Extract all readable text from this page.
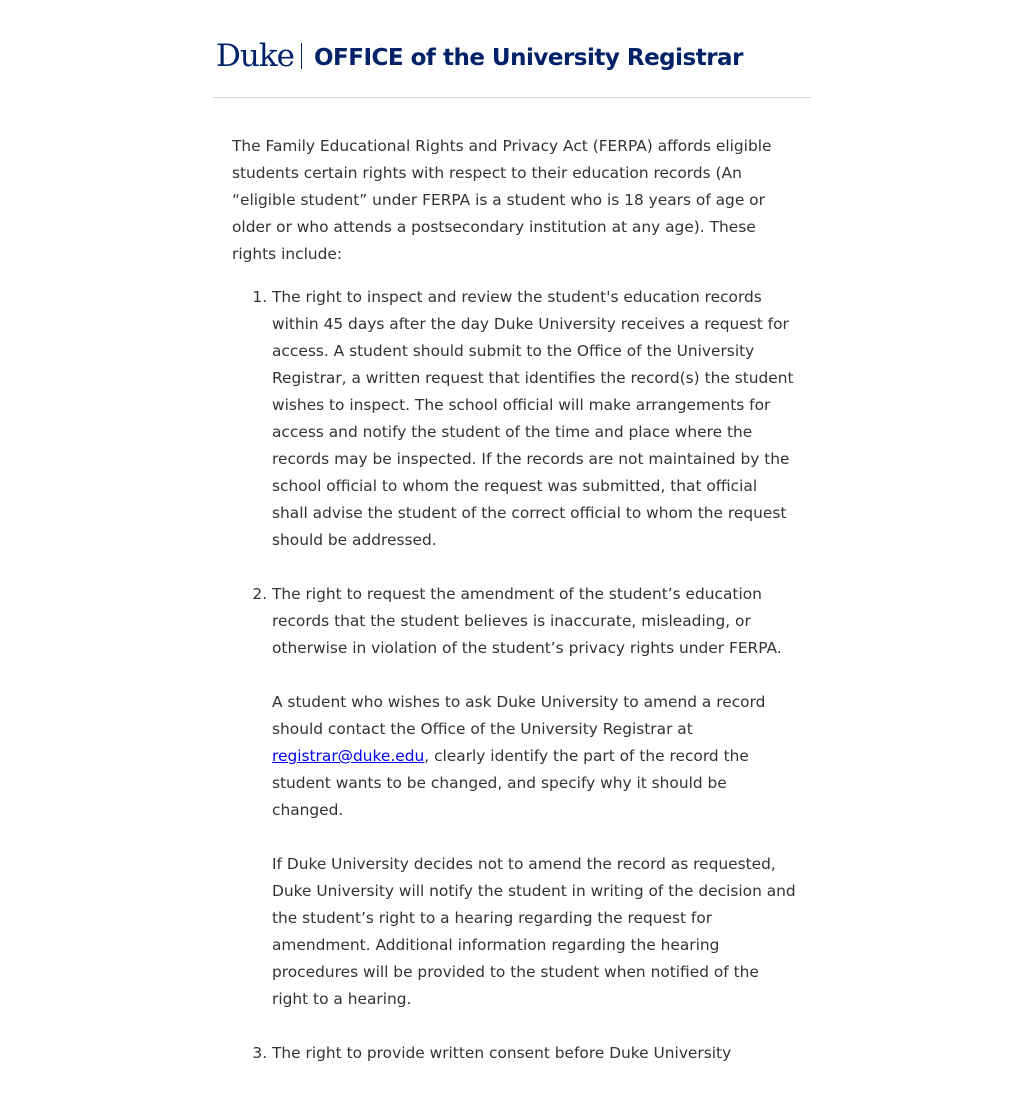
Duke OFFICE of the University Registrar

The Family Educational Rights and Privacy Act (FERPA) affords eligible students certain rights with respect to their education records (An “eligible student” under FERPA is a student who is 18 years of age or older or who attends a postsecondary institution at any age). These rights include:

1. The right to inspect and review the student's education records within 45 days after the day Duke University receives a request for access. A student should submit to the Office of the University Registrar, a written request that identifies the record(s) the student wishes to inspect. The school official will make arrangements for access and notify the student of the time and place where the records may be inspected. If the records are not maintained by the school official to whom the request was submitted, that official shall advise the student of the correct official to whom the request should be addressed.

2. The right to request the amendment of the student’s education records that the student believes is inaccurate, misleading, or otherwise in violation of the student’s privacy rights under FERPA.

A student who wishes to ask Duke University to amend a record should contact the Office of the University Registrar at registrar@duke.edu, clearly identify the part of the record the student wants to be changed, and specify why it should be changed.

If Duke University decides not to amend the record as requested, Duke University will notify the student in writing of the decision and the student’s right to a hearing regarding the request for amendment. Additional information regarding the hearing procedures will be provided to the student when notified of the right to a hearing.

3. The right to provide written consent before Duke University
